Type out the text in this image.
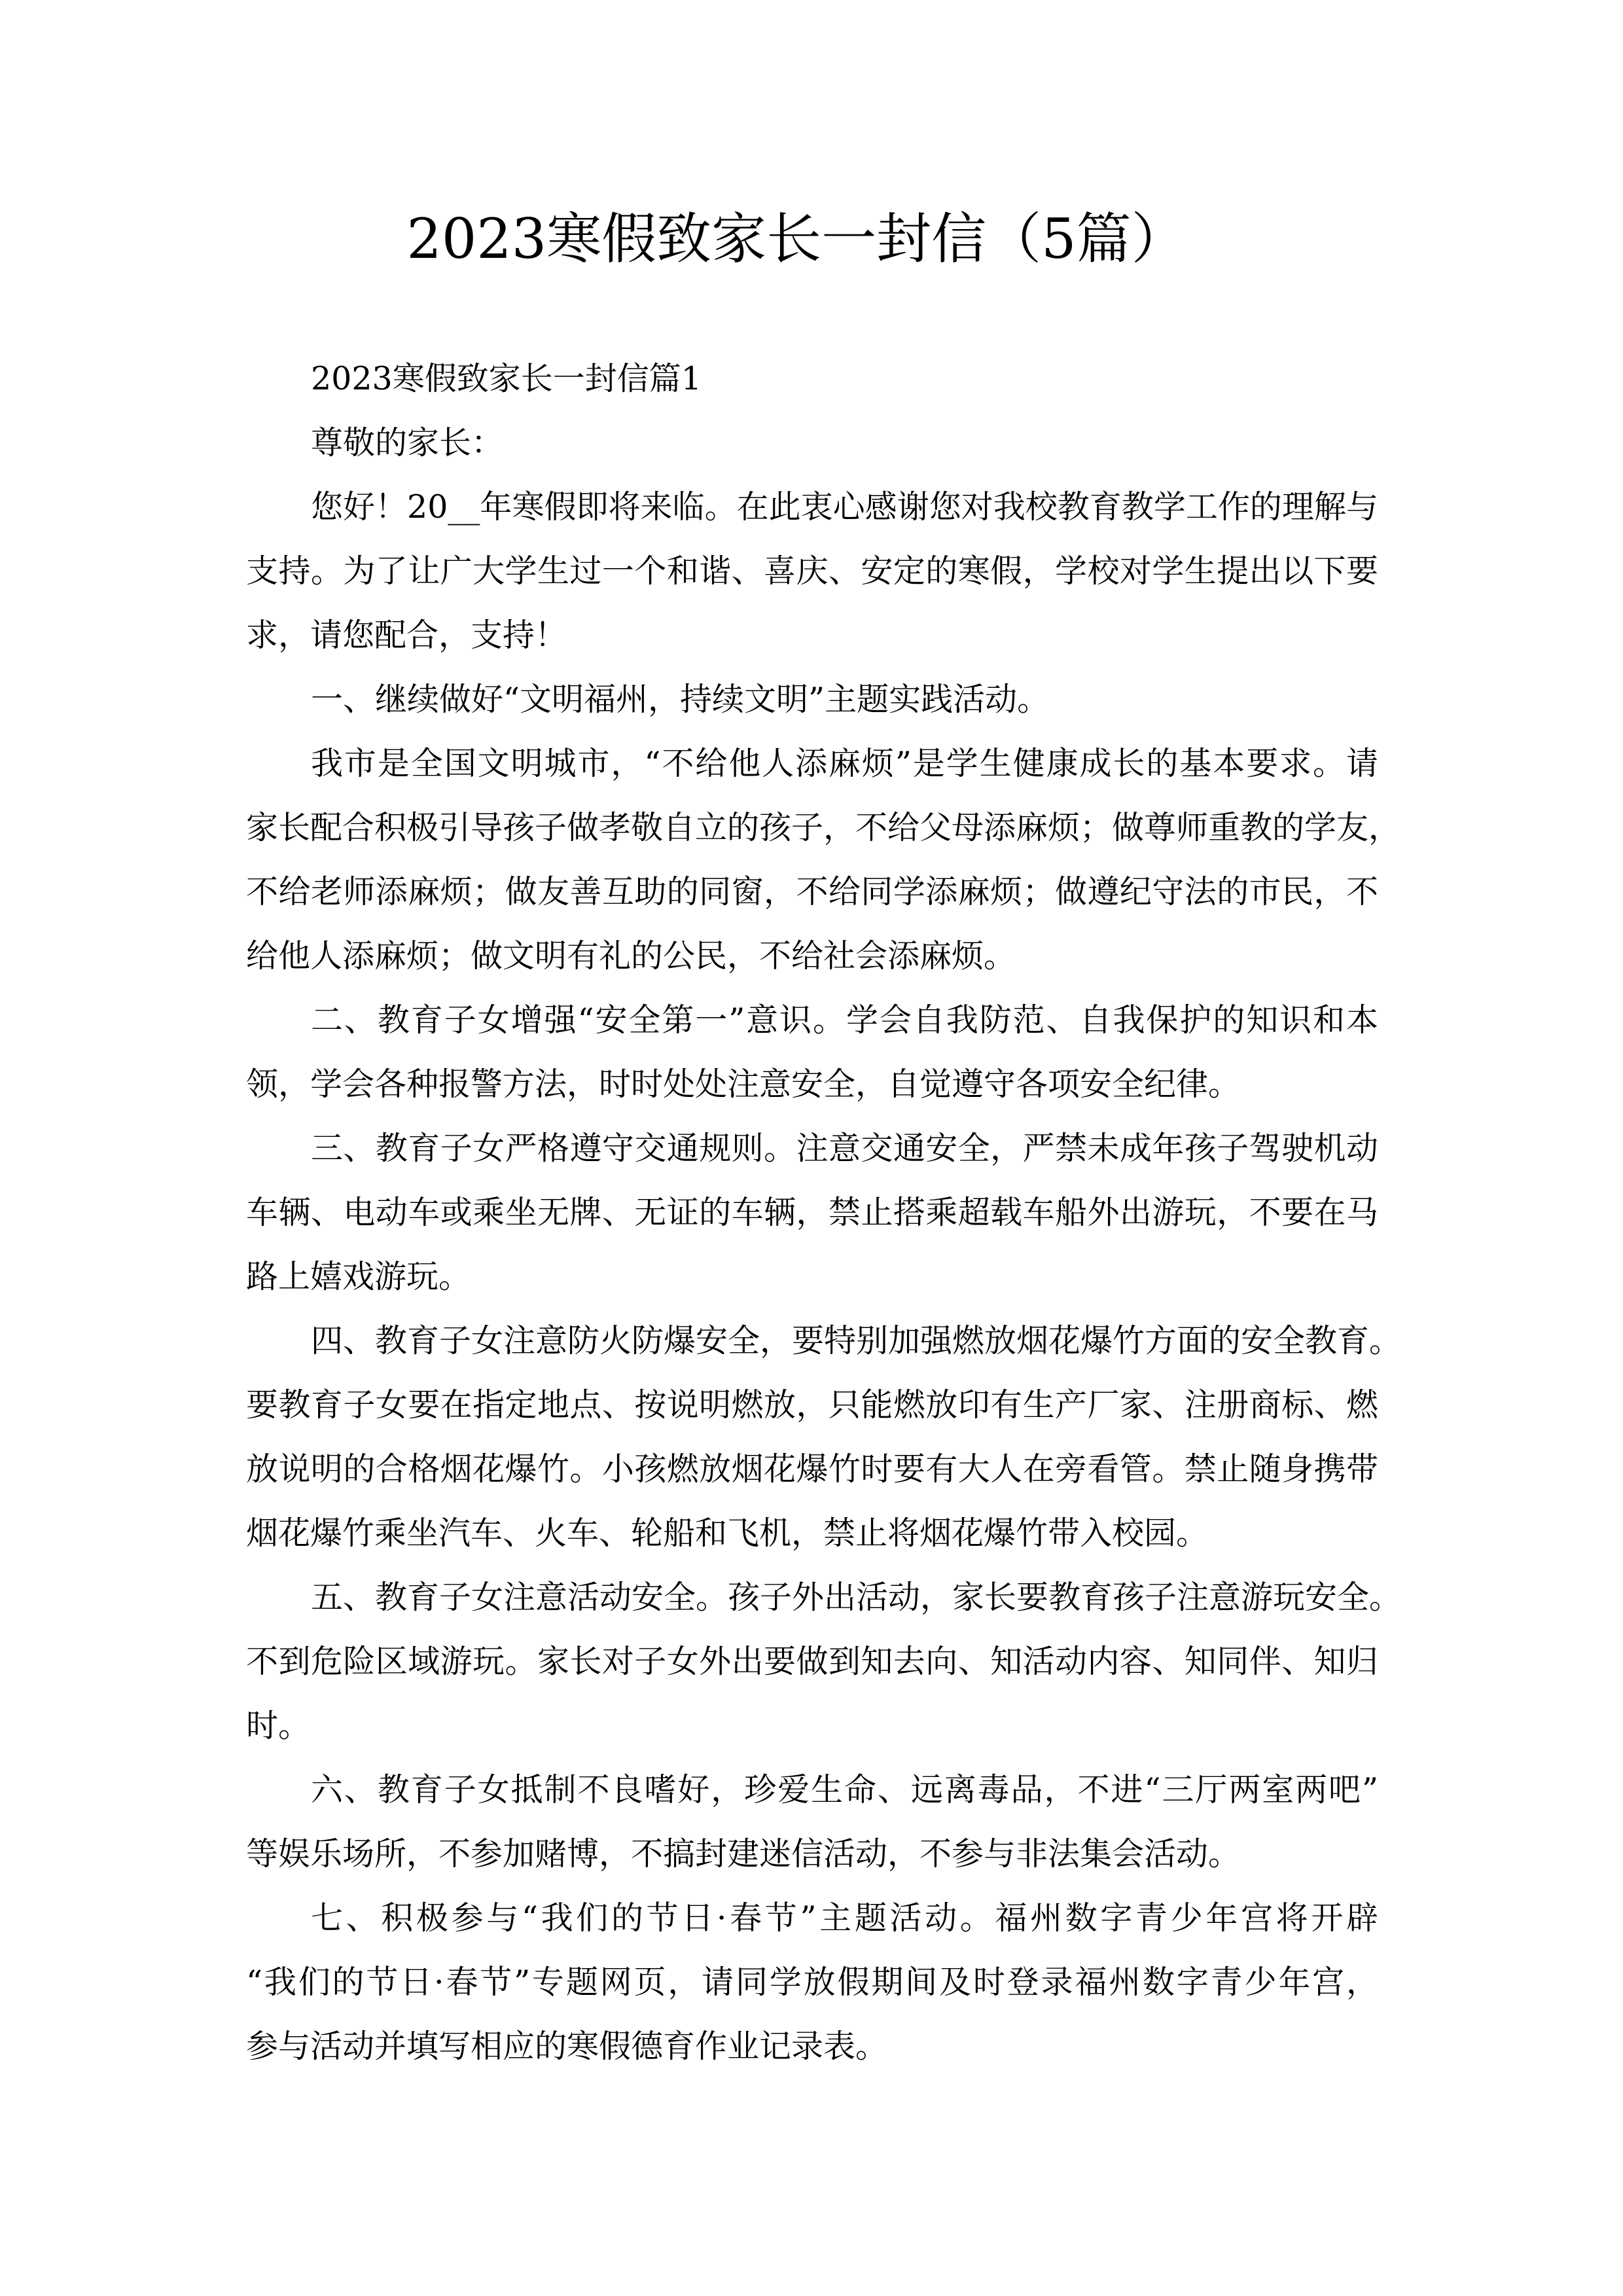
2023寒假致家长一封信（5篇）
2023寒假致家长一封信篇1
尊敬的家长：
您好！20__年寒假即将来临。在此衷心感谢您对我校教育教学工作的理解与
支持。为了让广大学生过一个和谐、喜庆、安定的寒假，学校对学生提出以下要
求，请您配合，支持！
一、继续做好“文明福州，持续文明”主题实践活动。
我市是全国文明城市，“不给他人添麻烦”是学生健康成长的基本要求。请
家长配合积极引导孩子做孝敬自立的孩子，不给父母添麻烦；做尊师重教的学友，
不给老师添麻烦；做友善互助的同窗，不给同学添麻烦；做遵纪守法的市民，不
给他人添麻烦；做文明有礼的公民，不给社会添麻烦。
二、教育子女增强“安全第一”意识。学会自我防范、自我保护的知识和本
领，学会各种报警方法，时时处处注意安全，自觉遵守各项安全纪律。
三、教育子女严格遵守交通规则。注意交通安全，严禁未成年孩子驾驶机动
车辆、电动车或乘坐无牌、无证的车辆，禁止搭乘超载车船外出游玩，不要在马
路上嬉戏游玩。
四、教育子女注意防火防爆安全，要特别加强燃放烟花爆竹方面的安全教育。
要教育子女要在指定地点、按说明燃放，只能燃放印有生产厂家、注册商标、燃
放说明的合格烟花爆竹。小孩燃放烟花爆竹时要有大人在旁看管。禁止随身携带
烟花爆竹乘坐汽车、火车、轮船和飞机，禁止将烟花爆竹带入校园。
五、教育子女注意活动安全。孩子外出活动，家长要教育孩子注意游玩安全。
不到危险区域游玩。家长对子女外出要做到知去向、知活动内容、知同伴、知归
时。
六、教育子女抵制不良嗜好，珍爱生命、远离毒品，不进“三厅两室两吧”
等娱乐场所，不参加赌博，不搞封建迷信活动，不参与非法集会活动。
七、积极参与“我们的节日·春节”主题活动。福州数字青少年宫将开辟
“我们的节日·春节”专题网页，请同学放假期间及时登录福州数字青少年宫，
参与活动并填写相应的寒假德育作业记录表。
